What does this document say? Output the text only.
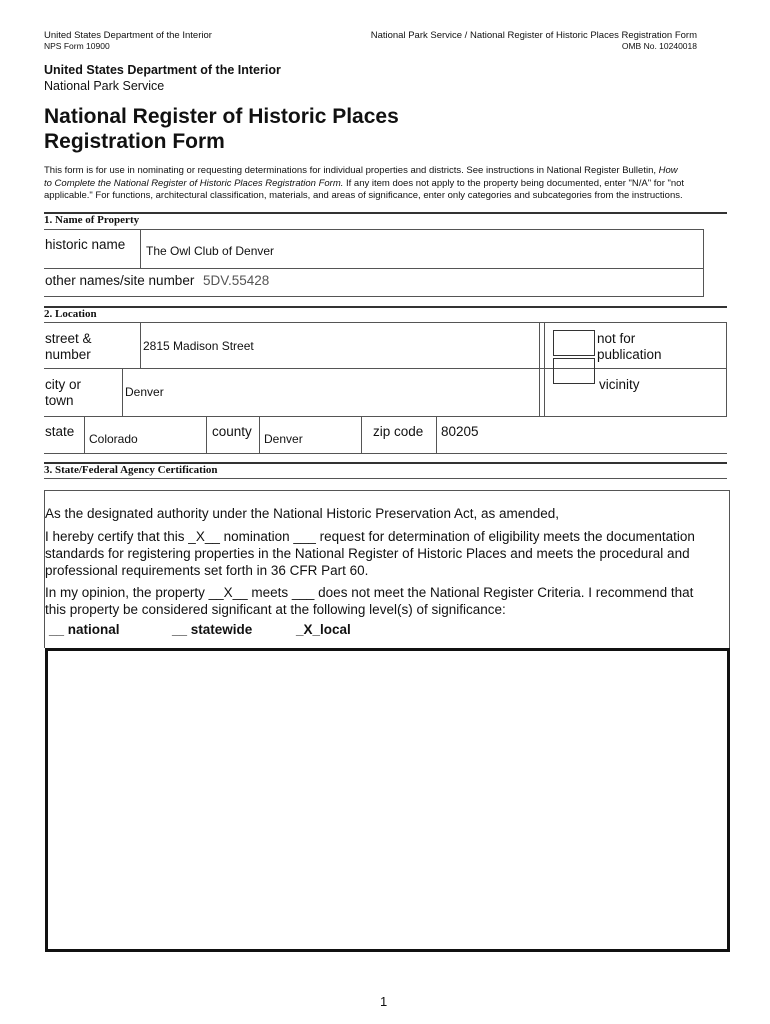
United States Department of the Interior
NPS Form 10900
National Park Service / National Register of Historic Places Registration Form
OMB No. 10240018
United States Department of the Interior
National Park Service
National Register of Historic Places
Registration Form
This form is for use in nominating or requesting determinations for individual properties and districts. See instructions in National Register Bulletin, How
to Complete the National Register of Historic Places Registration Form. If any item does not apply to the property being documented, enter "N/A" for "not
applicable." For functions, architectural classification, materials, and areas of significance, enter only categories and subcategories from the instructions.
1. Name of Property
historic name The Owl Club of Denver
other names/site number 5DV.55428
2. Location
street &
number
2815 Madison Street	not for
publication
city or
town
Denver	vicinity
state Colorado	county Denver	zip code 80205
3. State/Federal Agency Certification
As the designated authority under the National Historic Preservation Act, as amended,
I hereby certify that this _X__ nomination ___ request for determination of eligibility meets the documentation
standards for registering properties in the National Register of Historic Places and meets the procedural and
professional requirements set forth in 36 CFR Part 60.
In my opinion, the property __X__ meets ___ does not meet the National Register Criteria. I recommend that
this property be considered significant at the following level(s) of significance:
__ national	__ statewide	_X_local
1
